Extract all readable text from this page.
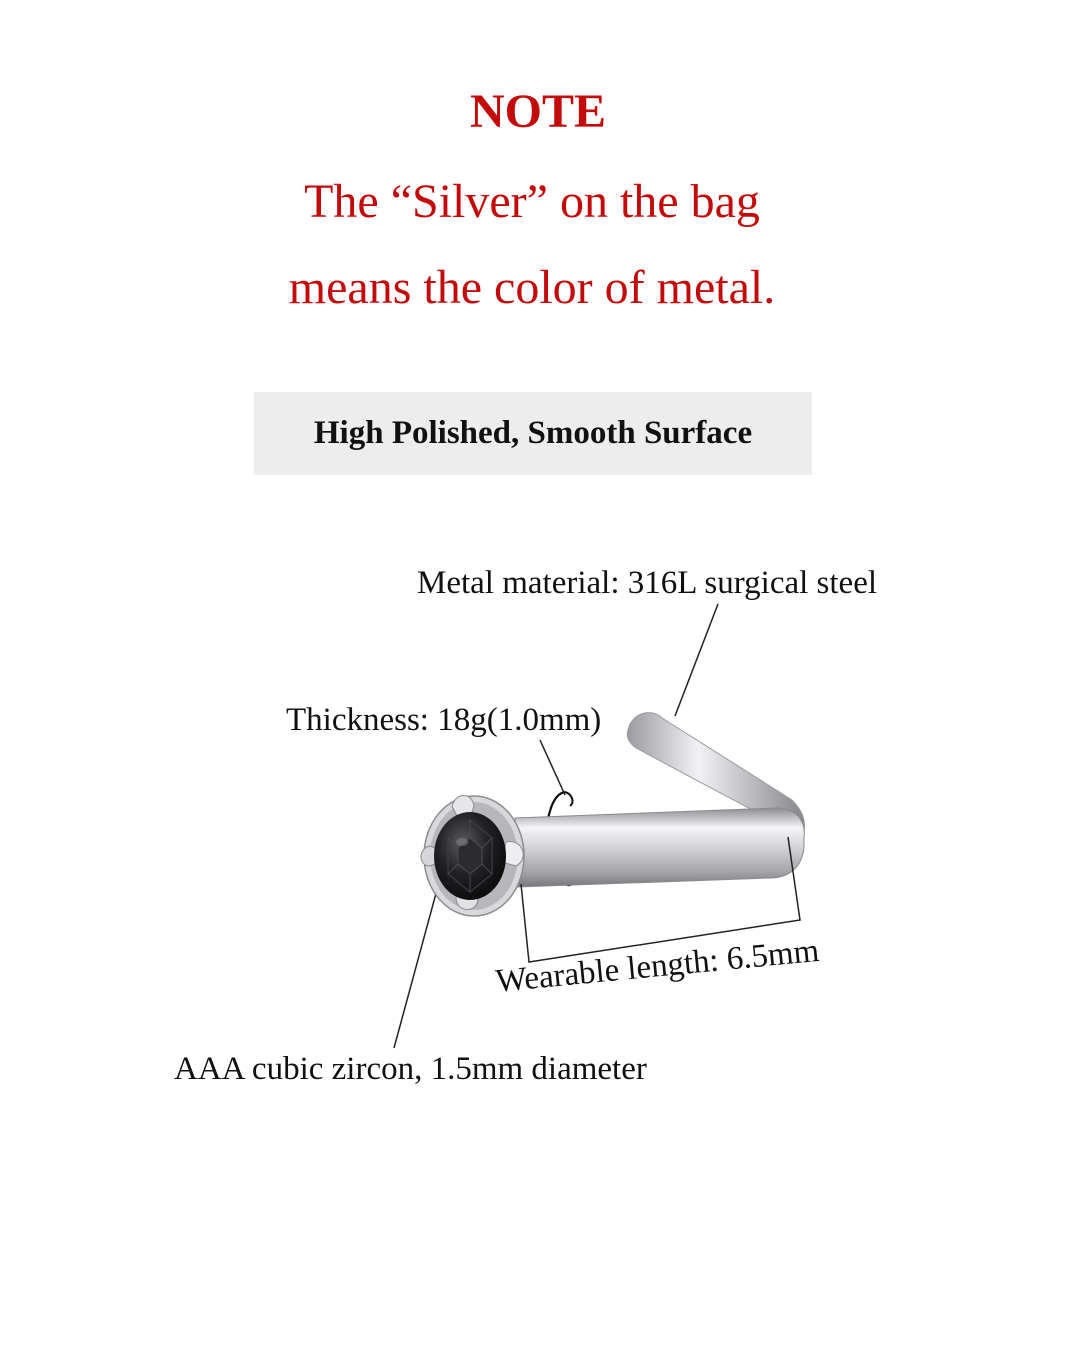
NOTE
The “Silver” on the bag
means the color of metal.
High Polished, Smooth Surface
Metal material: 316L surgical steel
Thickness: 18g(1.0mm)
Wearable length: 6.5mm
AAA cubic zircon, 1.5mm diameter
